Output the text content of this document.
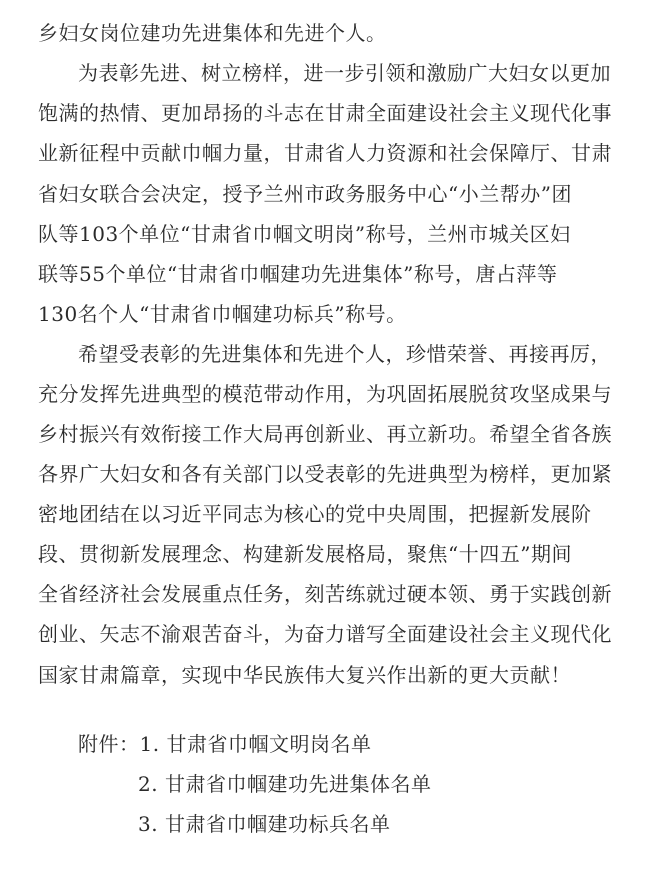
乡妇女岗位建功先进集体和先进个人。
为表彰先进、树立榜样，进一步引领和激励广大妇女以更加
饱满的热情、更加昂扬的斗志在甘肃全面建设社会主义现代化事
业新征程中贡献巾帼力量，甘肃省人力资源和社会保障厅、甘肃
省妇女联合会决定，授予兰州市政务服务中心“小兰帮办”团
队等103个单位“甘肃省巾帼文明岗”称号，兰州市城关区妇
联等55个单位“甘肃省巾帼建功先进集体”称号，唐占萍等
130名个人“甘肃省巾帼建功标兵”称号。
希望受表彰的先进集体和先进个人，珍惜荣誉、再接再厉，
充分发挥先进典型的模范带动作用，为巩固拓展脱贫攻坚成果与
乡村振兴有效衔接工作大局再创新业、再立新功。希望全省各族
各界广大妇女和各有关部门以受表彰的先进典型为榜样，更加紧
密地团结在以习近平同志为核心的党中央周围，把握新发展阶
段、贯彻新发展理念、构建新发展格局，聚焦“十四五”期间
全省经济社会发展重点任务，刻苦练就过硬本领、勇于实践创新
创业、矢志不渝艰苦奋斗，为奋力谱写全面建设社会主义现代化
国家甘肃篇章，实现中华民族伟大复兴作出新的更大贡献！
附件：1. 甘肃省巾帼文明岗名单
2. 甘肃省巾帼建功先进集体名单
3. 甘肃省巾帼建功标兵名单
